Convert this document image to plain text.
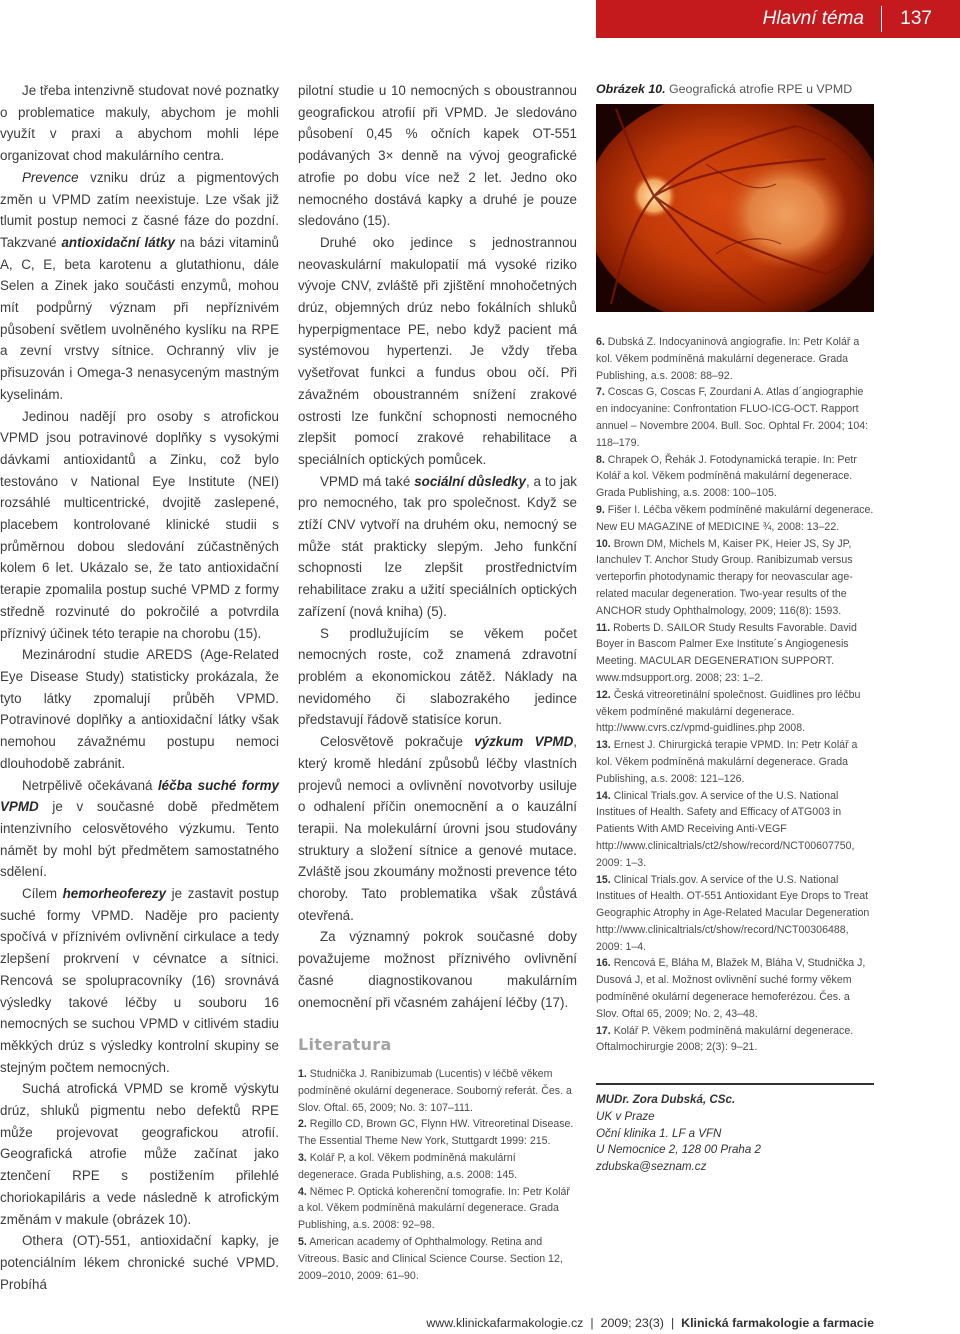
Hlavní téma 137

Je třeba intenzivně studovat nové poznatky o problematice makuly, abychom je mohli využít v praxi a abychom mohli lépe organizovat chod makulárního centra.

Prevence vzniku drúz a pigmentových změn u VPMD zatím neexistuje. Lze však již tlumit postup nemoci z časné fáze do pozdní. Takzvané antioxidační látky na bázi vitaminů A, C, E, beta karotenu a glutathionu, dále Selen a Zinek jako součásti enzymů, mohou mít podpůrný význam při nepříznivém působení světlem uvolněného kyslíku na RPE a zevní vrstvy sítnice. Ochranný vliv je přisuzován i Omega-3 nenasyceným mastným kyselinám.

Jedinou nadějí pro osoby s atrofickou VPMD jsou potravinové doplňky s vysokými dávkami antioxidantů a Zinku, což bylo testováno v National Eye Institute (NEI) rozsáhlé multicentrické, dvojitě zaslepené, placebem kontrolované klinické studii s průměrnou dobou sledování zúčastněných kolem 6 let. Ukázalo se, že tato antioxidační terapie zpomalila postup suché VPMD z formy středně rozvinuté do pokročilé a potvrdila příznivý účinek této terapie na chorobu (15).

Mezinárodní studie AREDS (Age-Related Eye Disease Study) statisticky prokázala, že tyto látky zpomalují průběh VPMD. Potravinové doplňky a antioxidační látky však nemohou závažnému postupu nemoci dlouhodobě zabránit.

Netrpělivě očekávaná léčba suché formy VPMD je v současné době předmětem intenzivního celosvětového výzkumu. Tento námět by mohl být předmětem samostatného sdělení.

Cílem hemorheoferezy je zastavit postup suché formy VPMD. Naděje pro pacienty spočívá v příznivém ovlivnění cirkulace a tedy zlepšení prokrvení v cévnatce a sítnici. Rencová se spolupracovníky (16) srovnává výsledky takové léčby u souboru 16 nemocných se suchou VPMD v citlivém stadiu měkkých drúz s výsledky kontrolní skupiny se stejným počtem nemocných.

Suchá atrofická VPMD se kromě výskytu drúz, shluků pigmentu nebo defektů RPE může projevovat geografickou atrofií. Geografická atrofie může začínat jako ztenčení RPE s postižením přilehlé choriokapiláris a vede následně k atrofickým změnám v makule (obrázek 10).

Othera (OT)-551, antioxidační kapky, je potenciálním lékem chronické suché VPMD. Probíhá

pilotní studie u 10 nemocných s oboustrannou geografickou atrofií při VPMD. Je sledováno působení 0,45 % očních kapek OT-551 podávaných 3× denně na vývoj geografické atrofie po dobu více než 2 let. Jedno oko nemocného dostává kapky a druhé je pouze sledováno (15).

Druhé oko jedince s jednostrannou neovaskulární makulopatií má vysoké riziko vývoje CNV, zvláště při zjištění mnohočetných drúz, objemných drúz nebo fokálních shluků hyperpigmentace PE, nebo když pacient má systémovou hypertenzi. Je vždy třeba vyšetřovat funkci a fundus obou očí. Při závažném oboustranném snížení zrakové ostrosti lze funkční schopnosti nemocného zlepšit pomocí zrakové rehabilitace a speciálních optických pomůcek.

VPMD má také sociální důsledky, a to jak pro nemocného, tak pro společnost. Když se ztíží CNV vytvoří na druhém oku, nemocný se může stát prakticky slepým. Jeho funkční schopnosti lze zlepšit prostřednictvím rehabilitace zraku a užití speciálních optických zařízení (nová kniha) (5).

S prodlužujícím se věkem počet nemocných roste, což znamená zdravotní problém a ekonomickou zátěž. Náklady na nevidomého či slabozrakého jedince představují řádově statisíce korun.

Celosvětově pokračuje výzkum VPMD, který kromě hledání způsobů léčby vlastních projevů nemoci a ovlivnění novotvorby usiluje o odhalení příčin onemocnění a o kauzální terapii. Na molekulární úrovni jsou studovány struktury a složení sítnice a genové mutace. Zvláště jsou zkoumány možnosti prevence této choroby. Tato problematika však zůstává otevřená.

Za významný pokrok současné doby považujeme možnost příznivého ovlivnění časné diagnostikovanou makulárním onemocnění při včasném zahájení léčby (17).

Literatura

1. Studnička J. Ranibizumab (Lucentis) v léčbě věkem podmíněné okulární degenerace. Souborný referát. Čes. a Slov. Oftal. 65, 2009; No. 3: 107–111.

2. Regillo CD, Brown GC, Flynn HW. Vitreoretinal Disease. The Essential Theme New York, Stuttgardt 1999: 215.

3. Kolář P, a kol. Věkem podmíněná makulární degenerace. Grada Publishing, a.s. 2008: 145.

4. Němec P. Optická koherenční tomografie. In: Petr Kolář a kol. Věkem podmíněná makulární degenerace. Grada Publishing, a.s. 2008: 92–98.

5. American academy of Ophthalmology. Retina and Vitreous. Basic and Clinical Science Course. Section 12, 2009–2010, 2009: 61–90.

Obrázek 10. Geografická atrofie RPE u VPMD

6. Dubská Z. Indocyaninová angiografie. In: Petr Kolář a kol. Věkem podmíněná makulární degenerace. Grada Publishing, a.s. 2008: 88–92.

7. Coscas G, Coscas F, Zourdani A. Atlas d´angiographie en indocyanine: Confrontation FLUO-ICG-OCT. Rapport annuel – Novembre 2004. Bull. Soc. Ophtal Fr. 2004; 104: 118–179.

8. Chrapek O, Řehák J. Fotodynamická terapie. In: Petr Kolář a kol. Věkem podmíněná makulární degenerace. Grada Publishing, a.s. 2008: 100–105.

9. Fišer I. Léčba věkem podmíněné makulární degenerace. New EU MAGAZINE of MEDICINE ¾, 2008: 13–22.

10. Brown DM, Michels M, Kaiser PK, Heier JS, Sy JP, Ianchulev T. Anchor Study Group. Ranibizumab versus verteporfin photodynamic therapy for neovascular age-related macular degeneration. Two-year results of the ANCHOR study Ophthalmology, 2009; 116(8): 1593.

11. Roberts D. SAILOR Study Results Favorable. David Boyer in Bascom Palmer Exe Institute´s Angiogenesis Meeting. MACULAR DEGENERATION SUPPORT. www.mdsupport.org. 2008; 23: 1–2.

12. Česká vitreoretinální společnost. Guidlines pro léčbu věkem podmíněné makulární degenerace. http://www.cvrs.cz/vpmd-guidlines.php 2008.

13. Ernest J. Chirurgická terapie VPMD. In: Petr Kolář a kol. Věkem podmíněná makulární degenerace. Grada Publishing, a.s. 2008: 121–126.

14. Clinical Trials.gov. A service of the U.S. National Institues of Health. Safety and Efficacy of ATG003 in Patients With AMD Receiving Anti-VEGF http://www.clinicaltrials/ct2/show/record/NCT00607750, 2009: 1–3.

15. Clinical Trials.gov. A service of the U.S. National Institues of Health. OT-551 Antioxidant Eye Drops to Treat Geographic Atrophy in Age-Related Macular Degeneration http://www.clinicaltrials/ct/show/record/NCT00306488, 2009: 1–4.

16. Rencová E, Bláha M, Blažek M, Bláha V, Studnička J, Dusová J, et al. Možnost ovlivnění suché formy věkem podmíněné okulární degenerace hemoferézou. Čes. a Slov. Oftal 65, 2009; No. 2, 43–48.

17. Kolář P. Věkem podmíněná makulární degenerace. Oftalmochirurgie 2008; 2(3): 9–21.

MUDr. Zora Dubská, CSc.
UK v Praze
Oční klinika 1. LF a VFN
U Nemocnice 2, 128 00 Praha 2
zdubska@seznam.cz
www.klinickafarmakologie.cz | 2009; 23(3) | Klinická farmakologie a farmacie
